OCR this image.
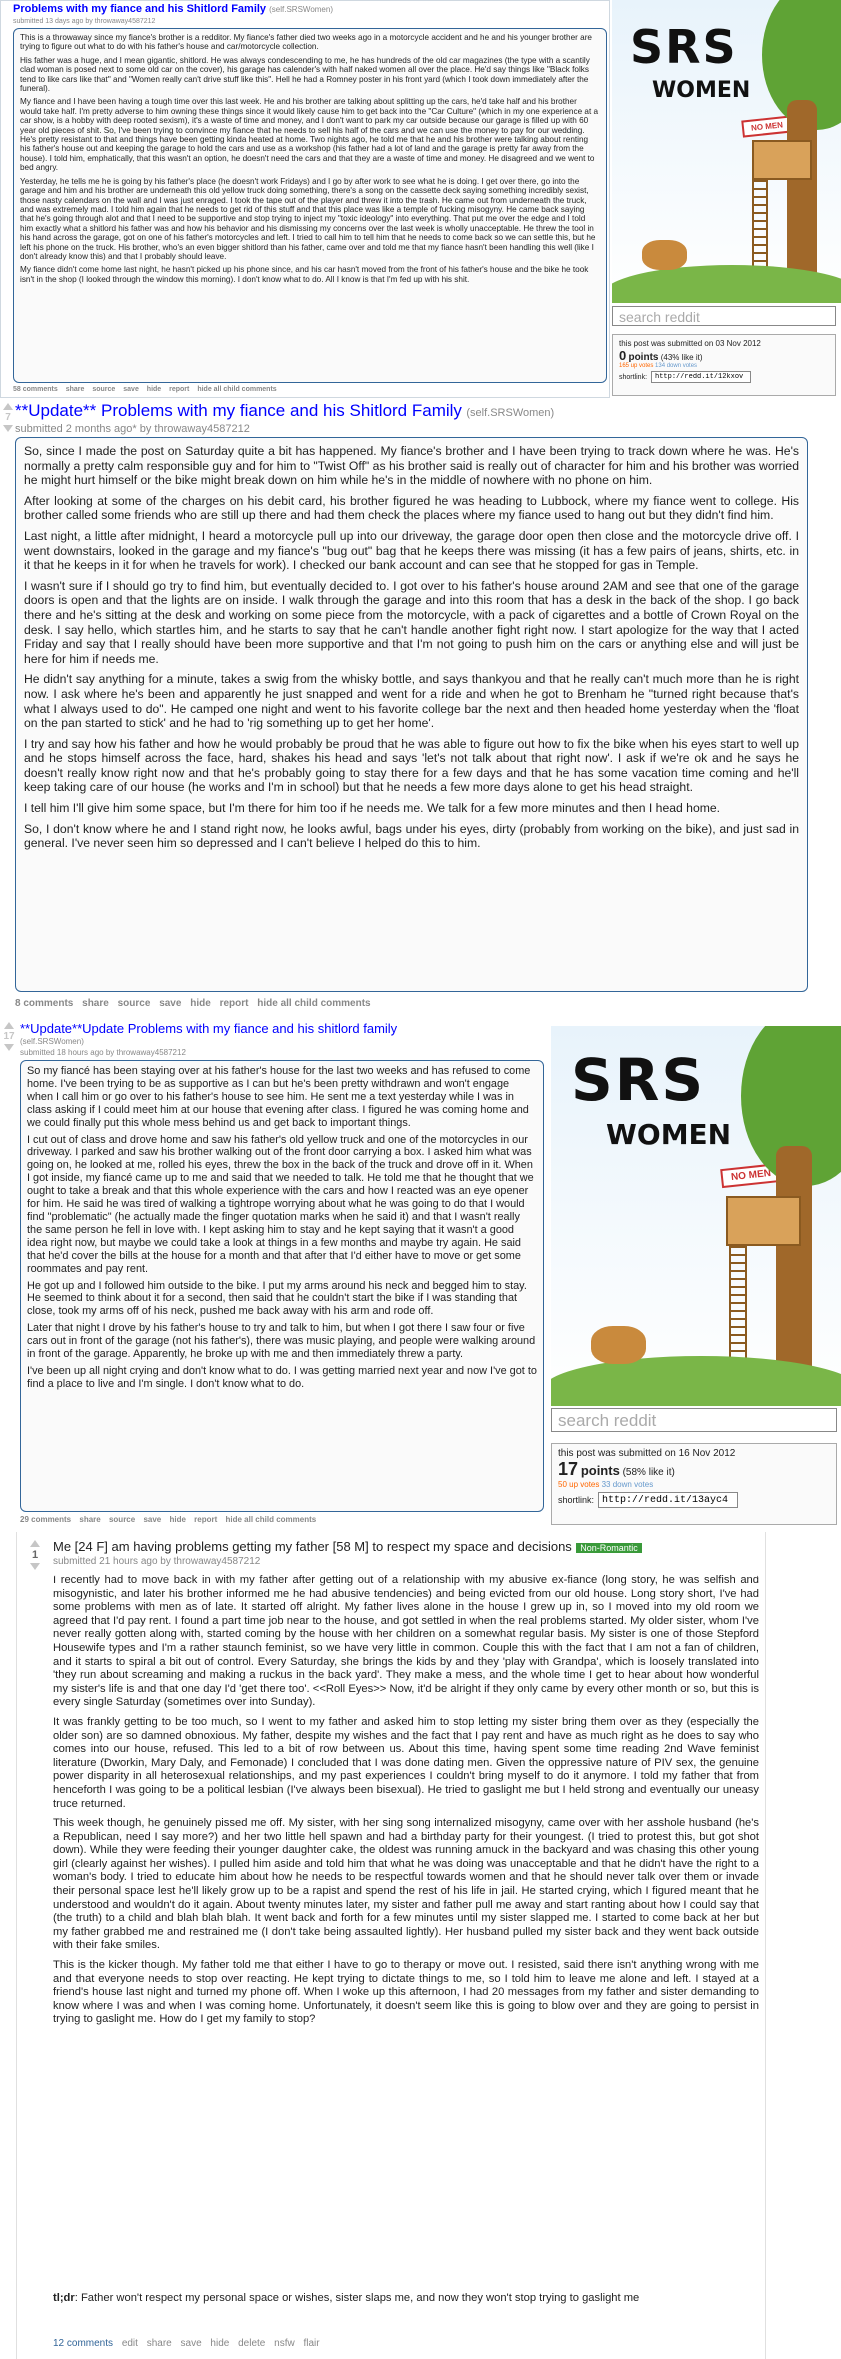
Problems with my fiance and his Shitlord Family (self.SRSWomen)
submitted 13 days ago by throwaway4587212

This is a throwaway since my fiance's brother is a redditor. My fiance's father died two weeks ago in a motorcycle accident and he and his younger brother are trying to figure out what to do with his father's house and car/motorcycle collection.

His father was a huge, and I mean gigantic, shitlord. He was always condescending to me, he has hundreds of the old car magazines (the type with a scantily clad woman is posed next to some old car on the cover), his garage has calender's with half naked women all over the place. He'd say things like "Black folks tend to like cars like that" and "Women really can't drive stuff like this". Hell he had a Romney poster in his front yard (which I took down immediately after the funeral).

My fiance and I have been having a tough time over this last week. He and his brother are talking about splitting up the cars, he'd take half and his brother would take half. I'm pretty adverse to him owning these things since it would likely cause him to get back into the "Car Culture" (which in my one experience at a car show, is a hobby with deep rooted sexism), it's a waste of time and money, and I don't want to park my car outside because our garage is filled up with 60 year old pieces of shit. So, I've been trying to convince my fiance that he needs to sell his half of the cars and we can use the money to pay for our wedding. He's pretty resistant to that and things have been getting kinda heated at home. Two nights ago, he told me that he and his brother were talking about renting his father's house out and keeping the garage to hold the cars and use as a workshop (his father had a lot of land and the garage is pretty far away from the house). I told him, emphatically, that this wasn't an option, he doesn't need the cars and that they are a waste of time and money. He disagreed and we went to bed angry.

Yesterday, he tells me he is going by his father's place (he doesn't work Fridays) and I go by after work to see what he is doing. I get over there, go into the garage and him and his brother are underneath this old yellow truck doing something, there's a song on the cassette deck saying something incredibly sexist, those nasty calendars on the wall and I was just enraged. I took the tape out of the player and threw it into the trash. He came out from underneath the truck, and was extremely mad. I told him again that he needs to get rid of this stuff and that this place was like a temple of fucking misogyny. He came back saying that he's going through alot and that I need to be supportive and stop trying to inject my "toxic ideology" into everything. That put me over the edge and I told him exactly what a shitlord his father was and how his behavior and his dismissing my concerns over the last week is wholly unacceptable. He threw the tool in his hand across the garage, got on one of his father's motorcycles and left. I tried to call him to tell him that he needs to come back so we can settle this, but he left his phone on the truck. His brother, who's an even bigger shitlord than his father, came over and told me that my fiance hasn't been handling this well (like I don't already know this) and that I probably should leave.

My fiance didn't come home last night, he hasn't picked up his phone since, and his car hasn't moved from the front of his father's house and the bike he took isn't in the shop (I looked through the window this morning). I don't know what to do. All I know is that I'm fed up with his shit.

58 comments share source save hide report hide all child comments
SRS
WOMEN
NO MEN
search reddit
this post was submitted on 03 Nov 2012
0 points (43% like it)
165 up votes 134 down votes
shortlink:
http://redd.it/12kxov
7 **Update** Problems with my fiance and his Shitlord Family (self.SRSWomen)
submitted 2 months ago* by throwaway4587212

So, since I made the post on Saturday quite a bit has happened. My fiance's brother and I have been trying to track down where he was. He's normally a pretty calm responsible guy and for him to "Twist Off" as his brother said is really out of character for him and his brother was worried he might hurt himself or the bike might break down on him while he's in the middle of nowhere with no phone on him.

After looking at some of the charges on his debit card, his brother figured he was heading to Lubbock, where my fiance went to college. His brother called some friends who are still up there and had them check the places where my fiance used to hang out but they didn't find him.

Last night, a little after midnight, I heard a motorcycle pull up into our driveway, the garage door open then close and the motorcycle drive off. I went downstairs, looked in the garage and my fiance's "bug out" bag that he keeps there was missing (it has a few pairs of jeans, shirts, etc. in it that he keeps in it for when he travels for work). I checked our bank account and can see that he stopped for gas in Temple.

I wasn't sure if I should go try to find him, but eventually decided to. I got over to his father's house around 2AM and see that one of the garage doors is open and that the lights are on inside. I walk through the garage and into this room that has a desk in the back of the shop. I go back there and he's sitting at the desk and working on some piece from the motorcycle, with a pack of cigarettes and a bottle of Crown Royal on the desk. I say hello, which startles him, and he starts to say that he can't handle another fight right now. I start apologize for the way that I acted Friday and say that I really should have been more supportive and that I'm not going to push him on the cars or anything else and will just be here for him if needs me.

He didn't say anything for a minute, takes a swig from the whisky bottle, and says thankyou and that he really can't much more than he is right now. I ask where he's been and apparently he just snapped and went for a ride and when he got to Brenham he "turned right because that's what I always used to do". He camped one night and went to his favorite college bar the next and then headed home yesterday when the 'float on the pan started to stick' and he had to 'rig something up to get her home'.

I try and say how his father and how he would probably be proud that he was able to figure out how to fix the bike when his eyes start to well up and he stops himself across the face, hard, shakes his head and says 'let's not talk about that right now'. I ask if we're ok and he says he doesn't really know right now and that he's probably going to stay there for a few days and that he has some vacation time coming and he'll keep taking care of our house (he works and I'm in school) but that he needs a few more days alone to get his head straight.

I tell him I'll give him some space, but I'm there for him too if he needs me. We talk for a few more minutes and then I head home.

So, I don't know where he and I stand right now, he looks awful, bags under his eyes, dirty (probably from working on the bike), and just sad in general. I've never seen him so depressed and I can't believe I helped do this to him.

8 comments share source save hide report hide all child comments
17
**Update**Update Problems with my fiance and his shitlord family
(self.SRSWomen)
submitted 18 hours ago by throwaway4587212

So my fiancé has been staying over at his father's house for the last two weeks and has refused to come home. I've been trying to be as supportive as I can but he's been pretty withdrawn and won't engage when I call him or go over to his father's house to see him. He sent me a text yesterday while I was in class asking if I could meet him at our house that evening after class. I figured he was coming home and we could finally put this whole mess behind us and get back to important things.

I cut out of class and drove home and saw his father's old yellow truck and one of the motorcycles in our driveway. I parked and saw his brother walking out of the front door carrying a box. I asked him what was going on, he looked at me, rolled his eyes, threw the box in the back of the truck and drove off in it. When I got inside, my fiancé came up to me and said that we needed to talk. He told me that he thought that we ought to take a break and that this whole experience with the cars and how I reacted was an eye opener for him. He said he was tired of walking a tightrope worrying about what he was going to do that I would find "problematic" (he actually made the finger quotation marks when he said it) and that I wasn't really the same person he fell in love with. I kept asking him to stay and he kept saying that it wasn't a good idea right now, but maybe we could take a look at things in a few months and maybe try again. He said that he'd cover the bills at the house for a month and that after that I'd either have to move or get some roommates and pay rent.

He got up and I followed him outside to the bike. I put my arms around his neck and begged him to stay. He seemed to think about it for a second, then said that he couldn't start the bike if I was standing that close, took my arms off of his neck, pushed me back away with his arm and rode off.

Later that night I drove by his father's house to try and talk to him, but when I got there I saw four or five cars out in front of the garage (not his father's), there was music playing, and people were walking around in front of the garage. Apparently, he broke up with me and then immediately threw a party.

I've been up all night crying and don't know what to do. I was getting married next year and now I've got to find a place to live and I'm single. I don't know what to do.

29 comments share source save hide report hide all child comments
SRS
WOMEN
NO MEN
search reddit
this post was submitted on 16 Nov 2012
17 points (58% like it)
50 up votes 33 down votes
shortlink:
http://redd.it/13ayc4
1
Me [24 F] am having problems getting my father [58 M] to respect my space and decisions Non-Romantic
submitted 21 hours ago by throwaway4587212

I recently had to move back in with my father after getting out of a relationship with my abusive ex-fiance (long story, he was selfish and misogynistic, and later his brother informed me he had abusive tendencies) and being evicted from our old house. Long story short, I've had some problems with men as of late. It started off alright. My father lives alone in the house I grew up in, so I moved into my old room we agreed that I'd pay rent. I found a part time job near to the house, and got settled in when the real problems started. My older sister, whom I've never really gotten along with, started coming by the house with her children on a somewhat regular basis. My sister is one of those Stepford Housewife types and I'm a rather staunch feminist, so we have very little in common. Couple this with the fact that I am not a fan of children, and it starts to spiral a bit out of control. Every Saturday, she brings the kids by and they 'play with Grandpa', which is loosely translated into 'they run about screaming and making a ruckus in the back yard'. They make a mess, and the whole time I get to hear about how wonderful my sister's life is and that one day I'd 'get there too'. <<Roll Eyes>> Now, it'd be alright if they only came by every other month or so, but this is every single Saturday (sometimes over into Sunday).

It was frankly getting to be too much, so I went to my father and asked him to stop letting my sister bring them over as they (especially the older son) are so damned obnoxious. My father, despite my wishes and the fact that I pay rent and have as much right as he does to say who comes into our house, refused. This led to a bit of row between us. About this time, having spent some time reading 2nd Wave feminist literature (Dworkin, Mary Daly, and Femonade) I concluded that I was done dating men. Given the oppressive nature of PIV sex, the genuine power disparity in all heterosexual relationships, and my past experiences I couldn't bring myself to do it anymore. I told my father that from henceforth I was going to be a political lesbian (I've always been bisexual). He tried to gaslight me but I held strong and eventually our uneasy truce returned.

This week though, he genuinely pissed me off. My sister, with her sing song internalized misogyny, came over with her asshole husband (he's a Republican, need I say more?) and her two little hell spawn and had a birthday party for their youngest. (I tried to protest this, but got shot down). While they were feeding their younger daughter cake, the oldest was running amuck in the backyard and was chasing this other young girl (clearly against her wishes). I pulled him aside and told him that what he was doing was unacceptable and that he didn't have the right to a woman's body. I tried to educate him about how he needs to be respectful towards women and that he should never talk over them or invade their personal space lest he'll likely grow up to be a rapist and spend the rest of his life in jail. He started crying, which I figured meant that he understood and wouldn't do it again. About twenty minutes later, my sister and father pull me away and start ranting about how I could say that (the truth) to a child and blah blah blah. It went back and forth for a few minutes until my sister slapped me. I started to come back at her but my father grabbed me and restrained me (I don't take being assaulted lightly). Her husband pulled my sister back and they went back outside with their fake smiles.

This is the kicker though. My father told me that either I have to go to therapy or move out. I resisted, said there isn't anything wrong with me and that everyone needs to stop over reacting. He kept trying to dictate things to me, so I told him to leave me alone and left. I stayed at a friend's house last night and turned my phone off. When I woke up this afternoon, I had 20 messages from my father and sister demanding to know where I was and when I was coming home. Unfortunately, it doesn't seem like this is going to blow over and they are going to persist in trying to gaslight me. How do I get my family to stop?

tl;dr: Father won't respect my personal space or wishes, sister slaps me, and now they won't stop trying to gaslight me
12 comments edit share save hide delete nsfw flair
